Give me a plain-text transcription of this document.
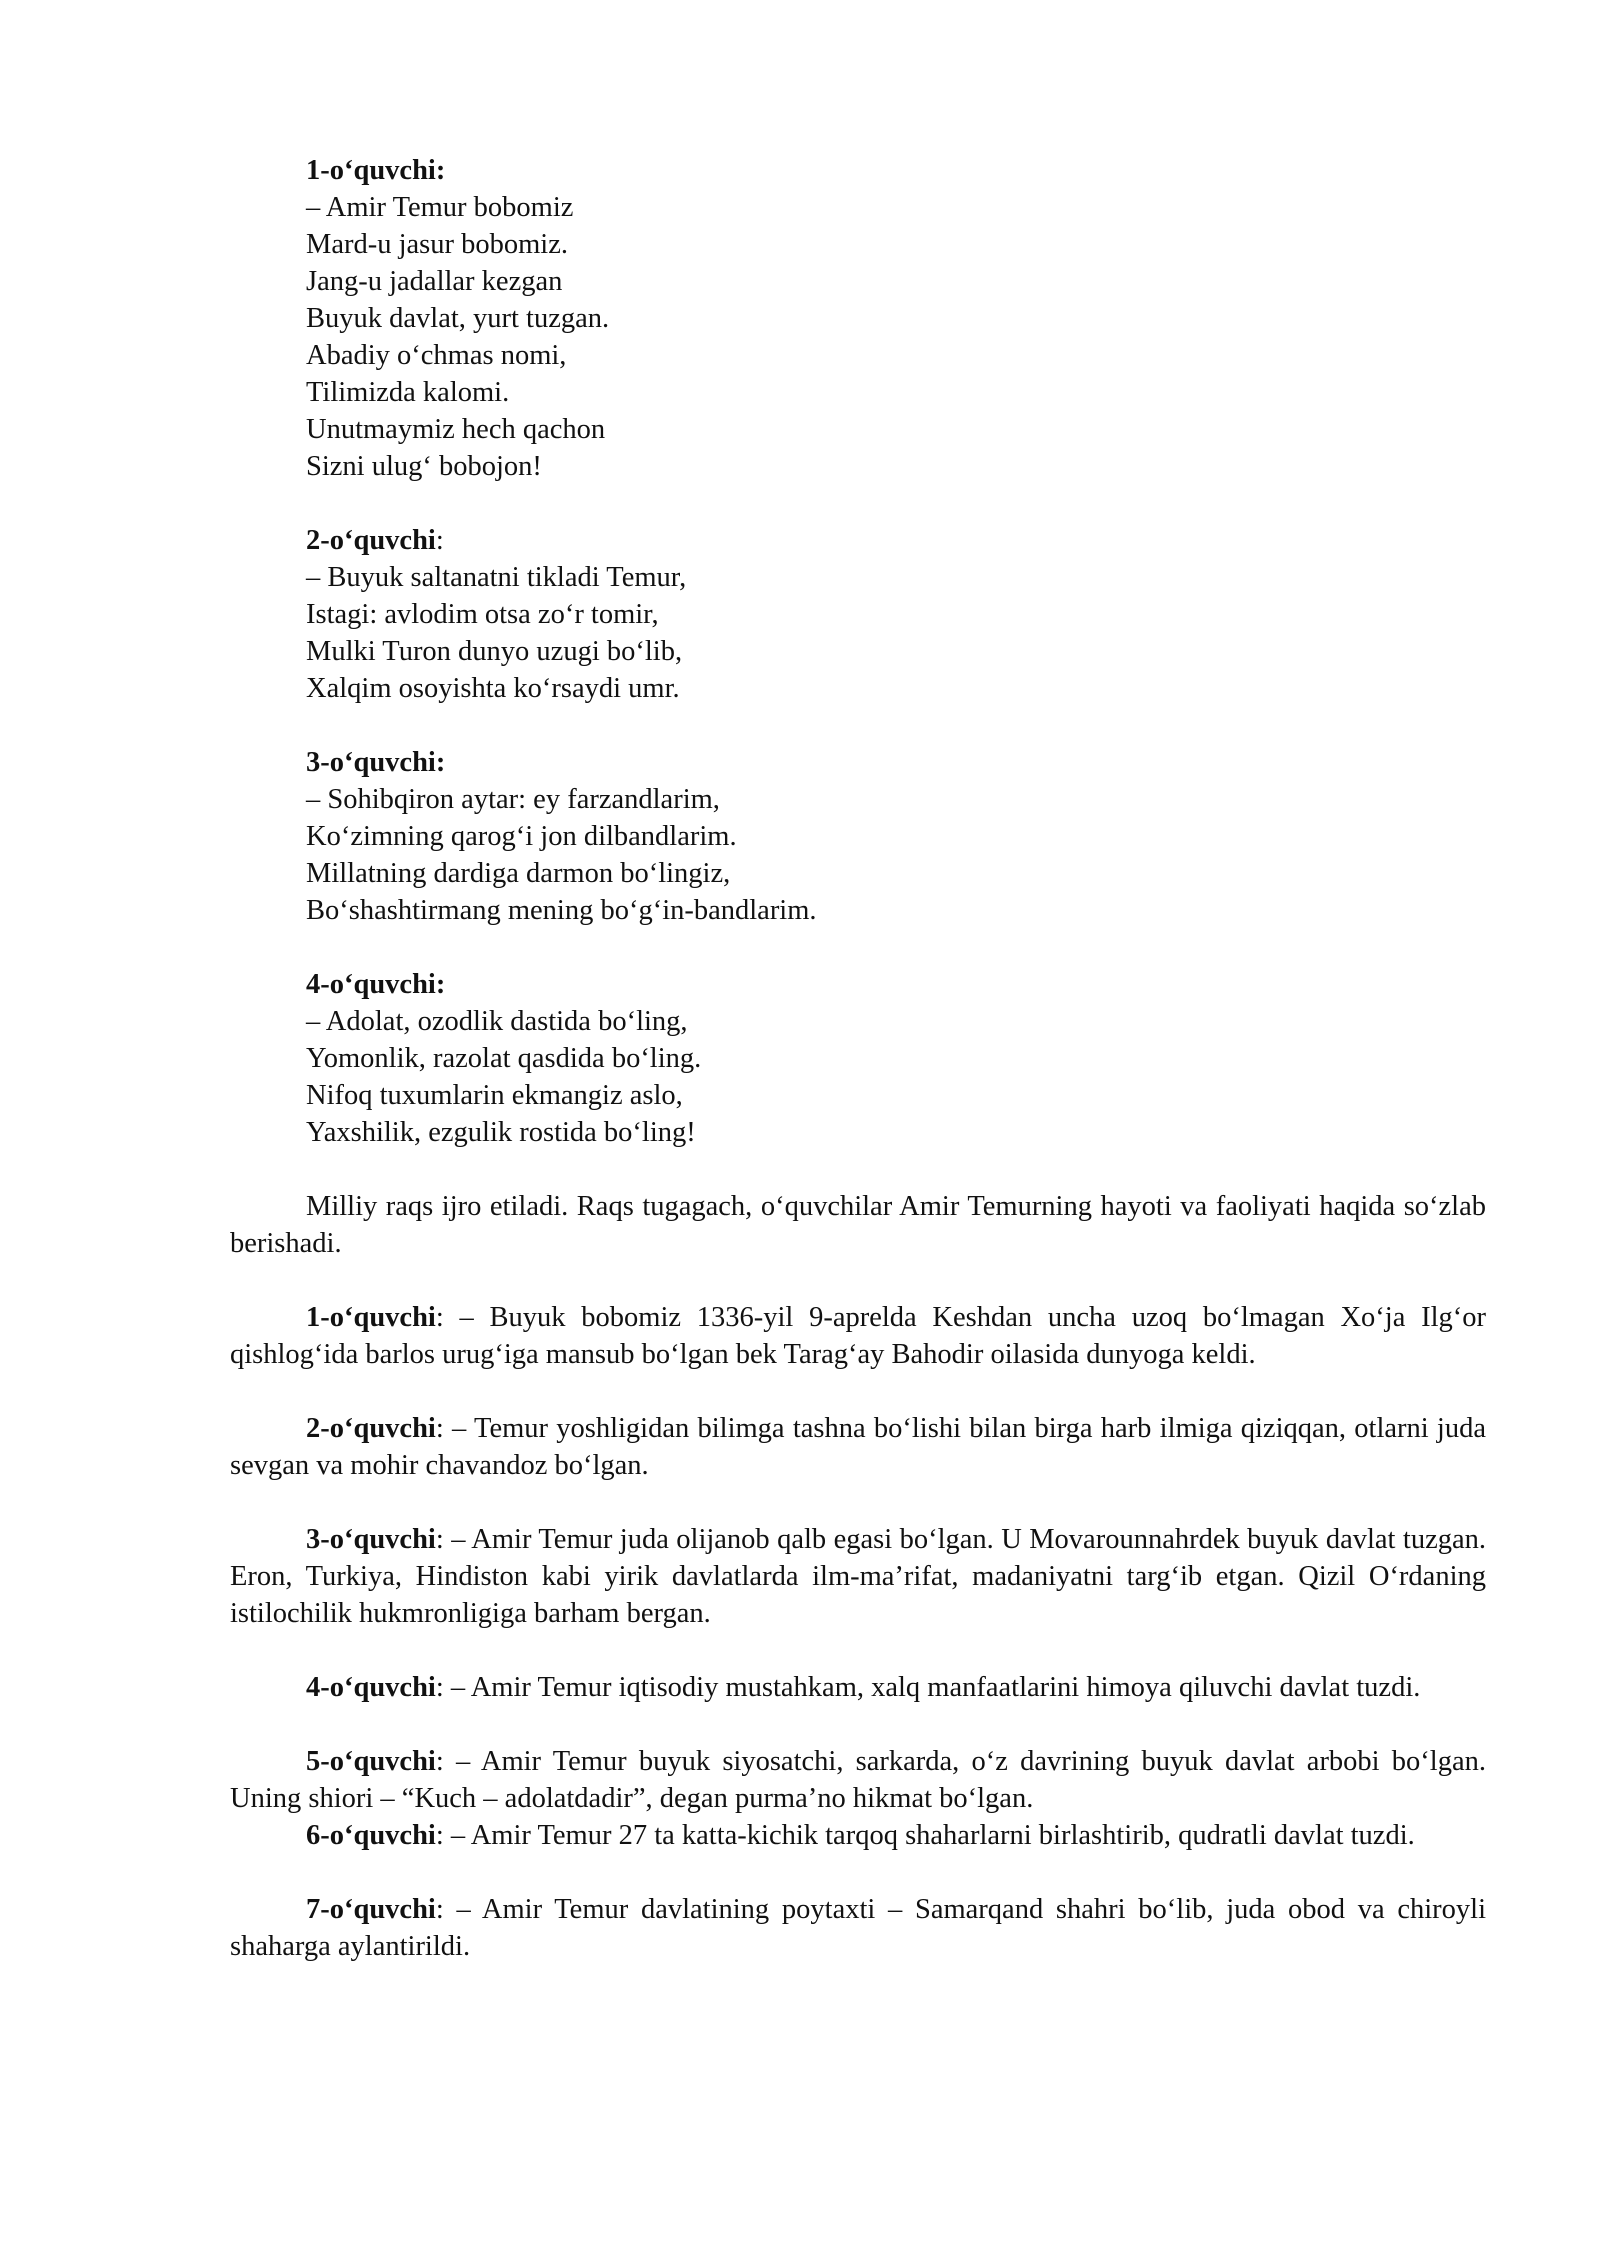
1-o‘quvchi:
– Amir Temur bobomiz
Mard-u jasur bobomiz.
Jang-u jadallar kezgan
Buyuk davlat, yurt tuzgan.
Abadiy o‘chmas nomi,
Tilimizda kalomi.
Unutmaymiz hech qachon
Sizni ulug‘ bobojon!
2-o‘quvchi:
– Buyuk saltanatni tikladi Temur,
Istagi: avlodim otsa zo‘r tomir,
Mulki Turon dunyo uzugi bo‘lib,
Xalqim osoyishta ko‘rsaydi umr.
3-o‘quvchi:
– Sohibqiron aytar: ey farzandlarim,
Ko‘zimning qarog‘i jon dilbandlarim.
Millatning dardiga darmon bo‘lingiz,
Bo‘shashtirmang mening bo‘g‘in-bandlarim.
4-o‘quvchi:
– Adolat, ozodlik dastida bo‘ling,
Yomonlik, razolat qasdida bo‘ling.
Nifoq tuxumlarin ekmangiz aslo,
Yaxshilik, ezgulik rostida bo‘ling!

Milliy raqs ijro etiladi. Raqs tugagach, o‘quvchilar Amir Temurning hayoti va faoliyati haqida so‘zlab berishadi.

1-o‘quvchi: – Buyuk bobomiz 1336-yil 9-aprelda Keshdan uncha uzoq bo‘lmagan Xo‘ja Ilg‘or qishlog‘ida barlos urug‘iga mansub bo‘lgan bek Tarag‘ay Bahodir oilasida dunyoga keldi.

2-o‘quvchi: – Temur yoshligidan bilimga tashna bo‘lishi bilan birga harb ilmiga qiziqqan, otlarni juda sevgan va mohir chavandoz bo‘lgan.

3-o‘quvchi: – Amir Temur juda olijanob qalb egasi bo‘lgan. U Movarounnahrdek buyuk davlat tuzgan. Eron, Turkiya, Hindiston kabi yirik davlatlarda ilm-ma’rifat, madaniyatni targ‘ib etgan. Qizil O‘rdaning istilochilik hukmronligiga barham bergan.

4-o‘quvchi: – Amir Temur iqtisodiy mustahkam, xalq manfaatlarini himoya qiluvchi davlat tuzdi.

5-o‘quvchi: – Amir Temur buyuk siyosatchi, sarkarda, o‘z davrining buyuk davlat arbobi bo‘lgan. Uning shiori – “Kuch – adolatdadir”, degan purma’no hikmat bo‘lgan.

6-o‘quvchi: – Amir Temur 27 ta katta-kichik tarqoq shaharlarni birlashtirib, qudratli davlat tuzdi.

7-o‘quvchi: – Amir Temur davlatining poytaxti – Samarqand shahri bo‘lib, juda obod va chiroyli shaharga aylantirildi.
